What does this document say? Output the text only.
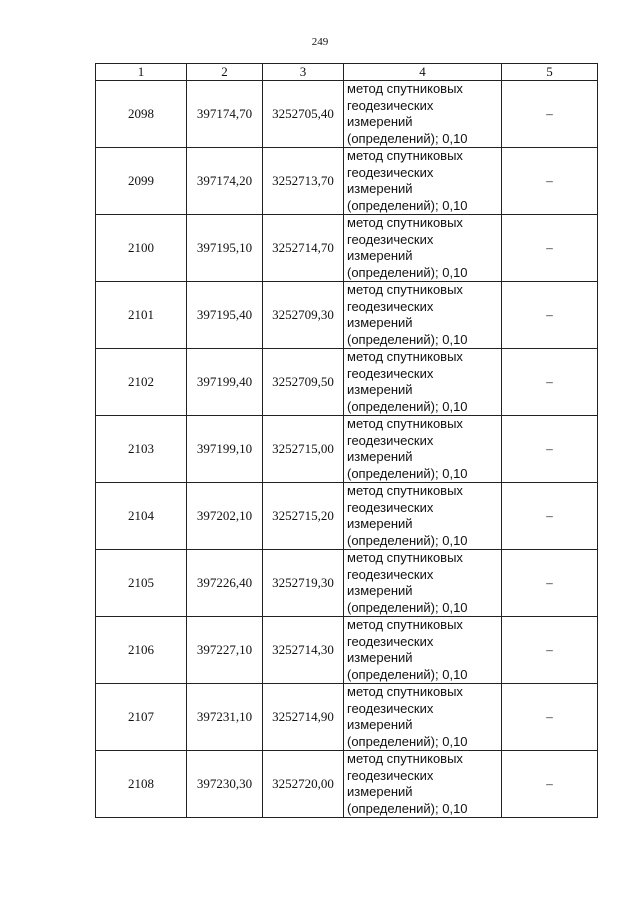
249
1	2	3	4	5
2098	397174,70	3252705,40	метод спутниковых
геодезических
измерений
(определений); 0,10	–
2099	397174,20	3252713,70	метод спутниковых
геодезических
измерений
(определений); 0,10	–
2100	397195,10	3252714,70	метод спутниковых
геодезических
измерений
(определений); 0,10	–
2101	397195,40	3252709,30	метод спутниковых
геодезических
измерений
(определений); 0,10	–
2102	397199,40	3252709,50	метод спутниковых
геодезических
измерений
(определений); 0,10	–
2103	397199,10	3252715,00	метод спутниковых
геодезических
измерений
(определений); 0,10	–
2104	397202,10	3252715,20	метод спутниковых
геодезических
измерений
(определений); 0,10	–
2105	397226,40	3252719,30	метод спутниковых
геодезических
измерений
(определений); 0,10	–
2106	397227,10	3252714,30	метод спутниковых
геодезических
измерений
(определений); 0,10	–
2107	397231,10	3252714,90	метод спутниковых
геодезических
измерений
(определений); 0,10	–
2108	397230,30	3252720,00	метод спутниковых
геодезических
измерений
(определений); 0,10	–
